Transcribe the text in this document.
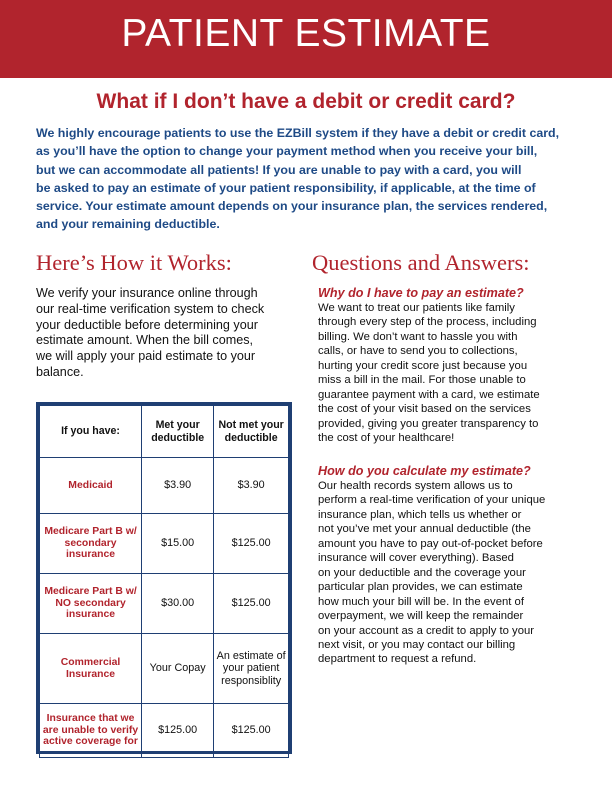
PATIENT ESTIMATE
What if I don’t have a debit or credit card?

We highly encourage patients to use the EZBill system if they have a debit or credit card,
as you’ll have the option to change your payment method when you receive your bill,
but we can accommodate all patients! If you are unable to pay with a card, you will
be asked to pay an estimate of your patient responsibility, if applicable, at the time of
service. Your estimate amount depends on your insurance plan, the services rendered,
and your remaining deductible.

Here’s How it Works:	Questions and Answers:

We verify your insurance online through
our real-time verification system to check
your deductible before determining your
estimate amount. When the bill comes,
we will apply your paid estimate to your
balance.

If you have:	Met your deductible	Not met your deductible
Medicaid	$3.90	$3.90
Medicare Part B w/ secondary insurance	$15.00	$125.00
Medicare Part B w/ NO secondary insurance	$30.00	$125.00
Commercial Insurance	Your Copay	An estimate of your patient responsiblity
Insurance that we are unable to verify active coverage for	$125.00	$125.00
Why do I have to pay an estimate?
We want to treat our patients like family
through every step of the process, including
billing. We don’t want to hassle you with
calls, or have to send you to collections,
hurting your credit score just because you
miss a bill in the mail. For those unable to
guarantee payment with a card, we estimate
the cost of your visit based on the services
provided, giving you greater transparency to
the cost of your healthcare!
How do you calculate my estimate?
Our health records system allows us to
perform a real-time verification of your unique
insurance plan, which tells us whether or
not you’ve met your annual deductible (the
amount you have to pay out-of-pocket before
insurance will cover everything). Based
on your deductible and the coverage your
particular plan provides, we can estimate
how much your bill will be. In the event of
overpayment, we will keep the remainder
on your account as a credit to apply to your
next visit, or you may contact our billing
department to request a refund.
